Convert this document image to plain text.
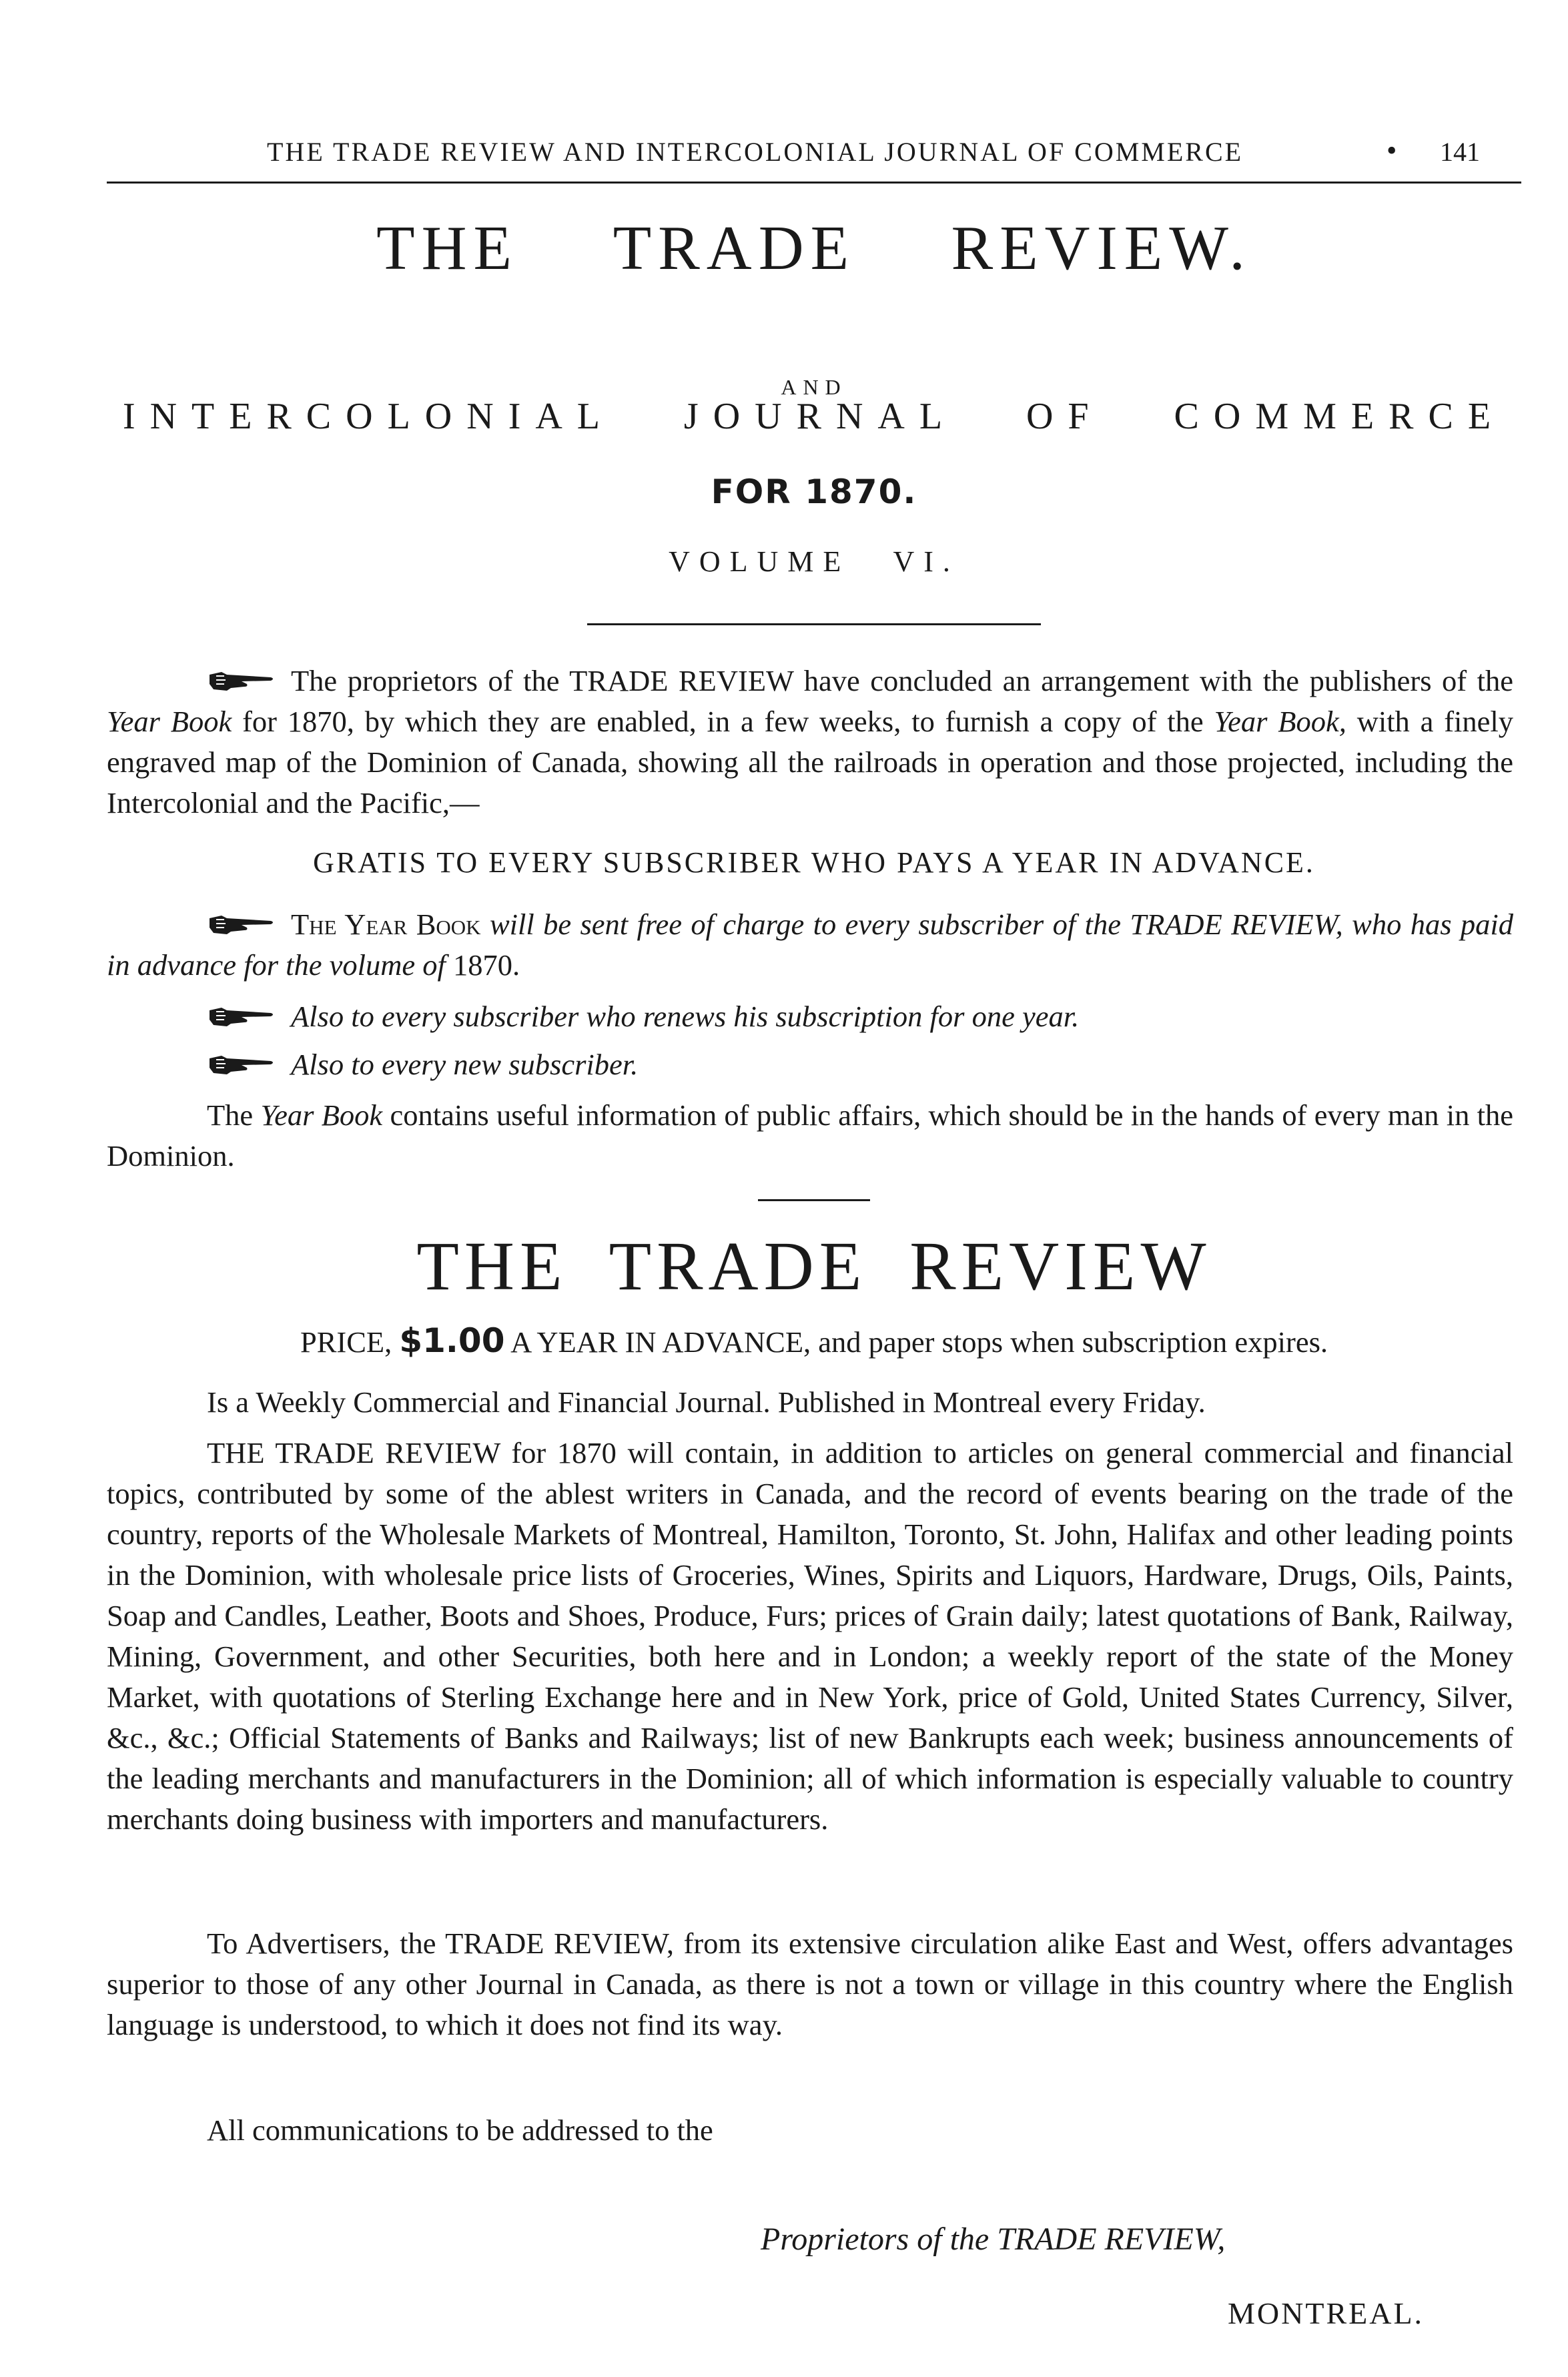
THE TRADE REVIEW AND INTERCOLONIAL JOURNAL OF COMMERCE	• 141
THE TRADE REVIEW.
AND
INTERCOLONIAL JOURNAL OF COMMERCE
FOR 1870.
VOLUME VI.
The proprietors of the TRADE REVIEW have concluded an arrangement with the publishers of the Year Book for 1870, by which they are enabled, in a few weeks, to furnish a copy of the Year Book, with a finely engraved map of the Dominion of Canada, showing all the railroads in operation and those projected, including the Intercolonial and the Pacific,—
GRATIS TO EVERY SUBSCRIBER WHO PAYS A YEAR IN ADVANCE.
The Year Book will be sent free of charge to every subscriber of the TRADE REVIEW, who has paid in advance for the volume of 1870.
Also to every subscriber who renews his subscription for one year.
Also to every new subscriber.
The Year Book contains useful information of public affairs, which should be in the hands of every man in the Dominion.
THE TRADE REVIEW
PRICE, $1.00 A YEAR IN ADVANCE, and paper stops when subscription expires.
Is a Weekly Commercial and Financial Journal. Published in Montreal every Friday.
THE TRADE REVIEW for 1870 will contain, in addition to articles on general commercial and financial topics, contributed by some of the ablest writers in Canada, and the record of events bearing on the trade of the country, reports of the Wholesale Markets of Montreal, Hamilton, Toronto, St. John, Halifax and other leading points in the Dominion, with wholesale price lists of Groceries, Wines, Spirits and Liquors, Hardware, Drugs, Oils, Paints, Soap and Candles, Leather, Boots and Shoes, Produce, Furs; prices of Grain daily; latest quotations of Bank, Railway, Mining, Government, and other Securities, both here and in London; a weekly report of the state of the Money Market, with quotations of Sterling Exchange here and in New York, price of Gold, United States Currency, Silver, &c., &c.; Official Statements of Banks and Railways; list of new Bankrupts each week; business announcements of the leading merchants and manufacturers in the Dominion; all of which information is especially valuable to country merchants doing business with importers and manufacturers.
To Advertisers, the TRADE REVIEW, from its extensive circulation alike East and West, offers advantages superior to those of any other Journal in Canada, as there is not a town or village in this country where the English language is understood, to which it does not find its way.
All communications to be addressed to the
Proprietors of the TRADE REVIEW,
MONTREAL.
